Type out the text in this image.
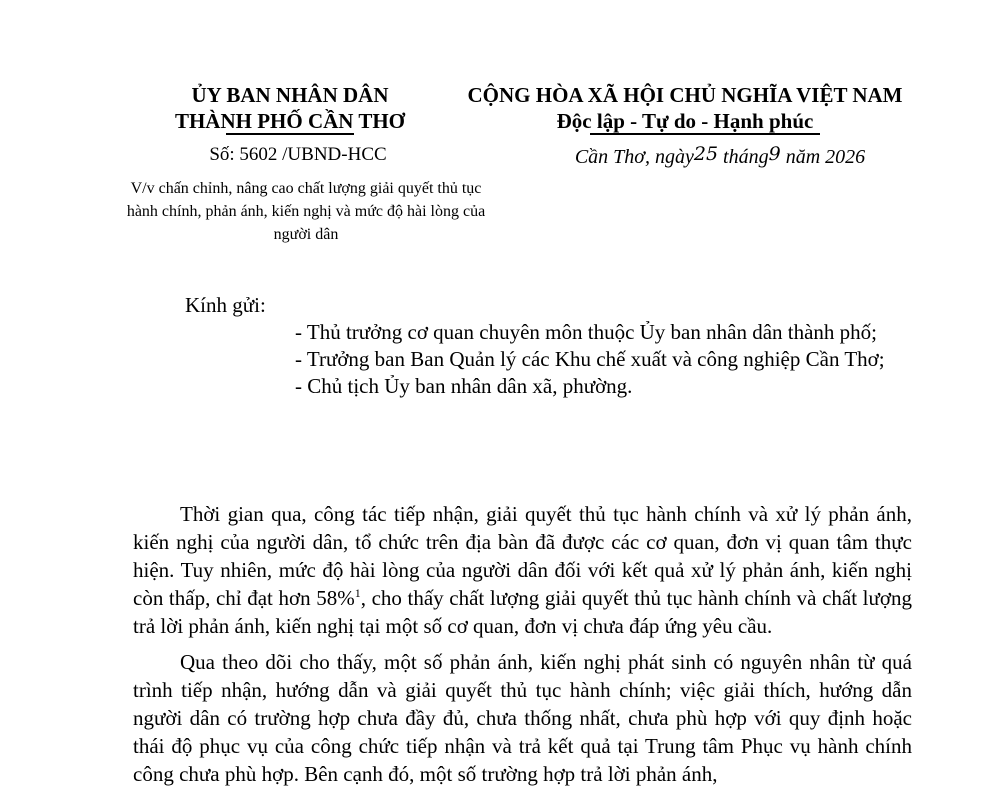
ỦY BAN NHÂN DÂN
THÀNH PHỐ CẦN THƠ
CỘNG HÒA XÃ HỘI CHỦ NGHĨA VIỆT NAM
Độc lập - Tự do - Hạnh phúc
Số: 5602 /UBND-HCC	Cần Thơ, ngày25 tháng9 năm 2026
V/v chấn chỉnh, nâng cao chất lượng giải quyết thủ tục hành chính, phản ánh, kiến nghị và mức độ hài lòng của người dân
Kính gửi:
- Thủ trưởng cơ quan chuyên môn thuộc Ủy ban nhân dân thành phố;
- Trưởng ban Ban Quản lý các Khu chế xuất và công nghiệp Cần Thơ;
- Chủ tịch Ủy ban nhân dân xã, phường.

Thời gian qua, công tác tiếp nhận, giải quyết thủ tục hành chính và xử lý phản ánh, kiến nghị của người dân, tổ chức trên địa bàn đã được các cơ quan, đơn vị quan tâm thực hiện. Tuy nhiên, mức độ hài lòng của người dân đối với kết quả xử lý phản ánh, kiến nghị còn thấp, chỉ đạt hơn 58%$^1$, cho thấy chất lượng giải quyết thủ tục hành chính và chất lượng trả lời phản ánh, kiến nghị tại một số cơ quan, đơn vị chưa đáp ứng yêu cầu.

Qua theo dõi cho thấy, một số phản ánh, kiến nghị phát sinh có nguyên nhân từ quá trình tiếp nhận, hướng dẫn và giải quyết thủ tục hành chính; việc giải thích, hướng dẫn người dân có trường hợp chưa đầy đủ, chưa thống nhất, chưa phù hợp với quy định hoặc thái độ phục vụ của công chức tiếp nhận và trả kết quả tại Trung tâm Phục vụ hành chính công chưa phù hợp. Bên cạnh đó, một số trường hợp trả lời phản ánh,
